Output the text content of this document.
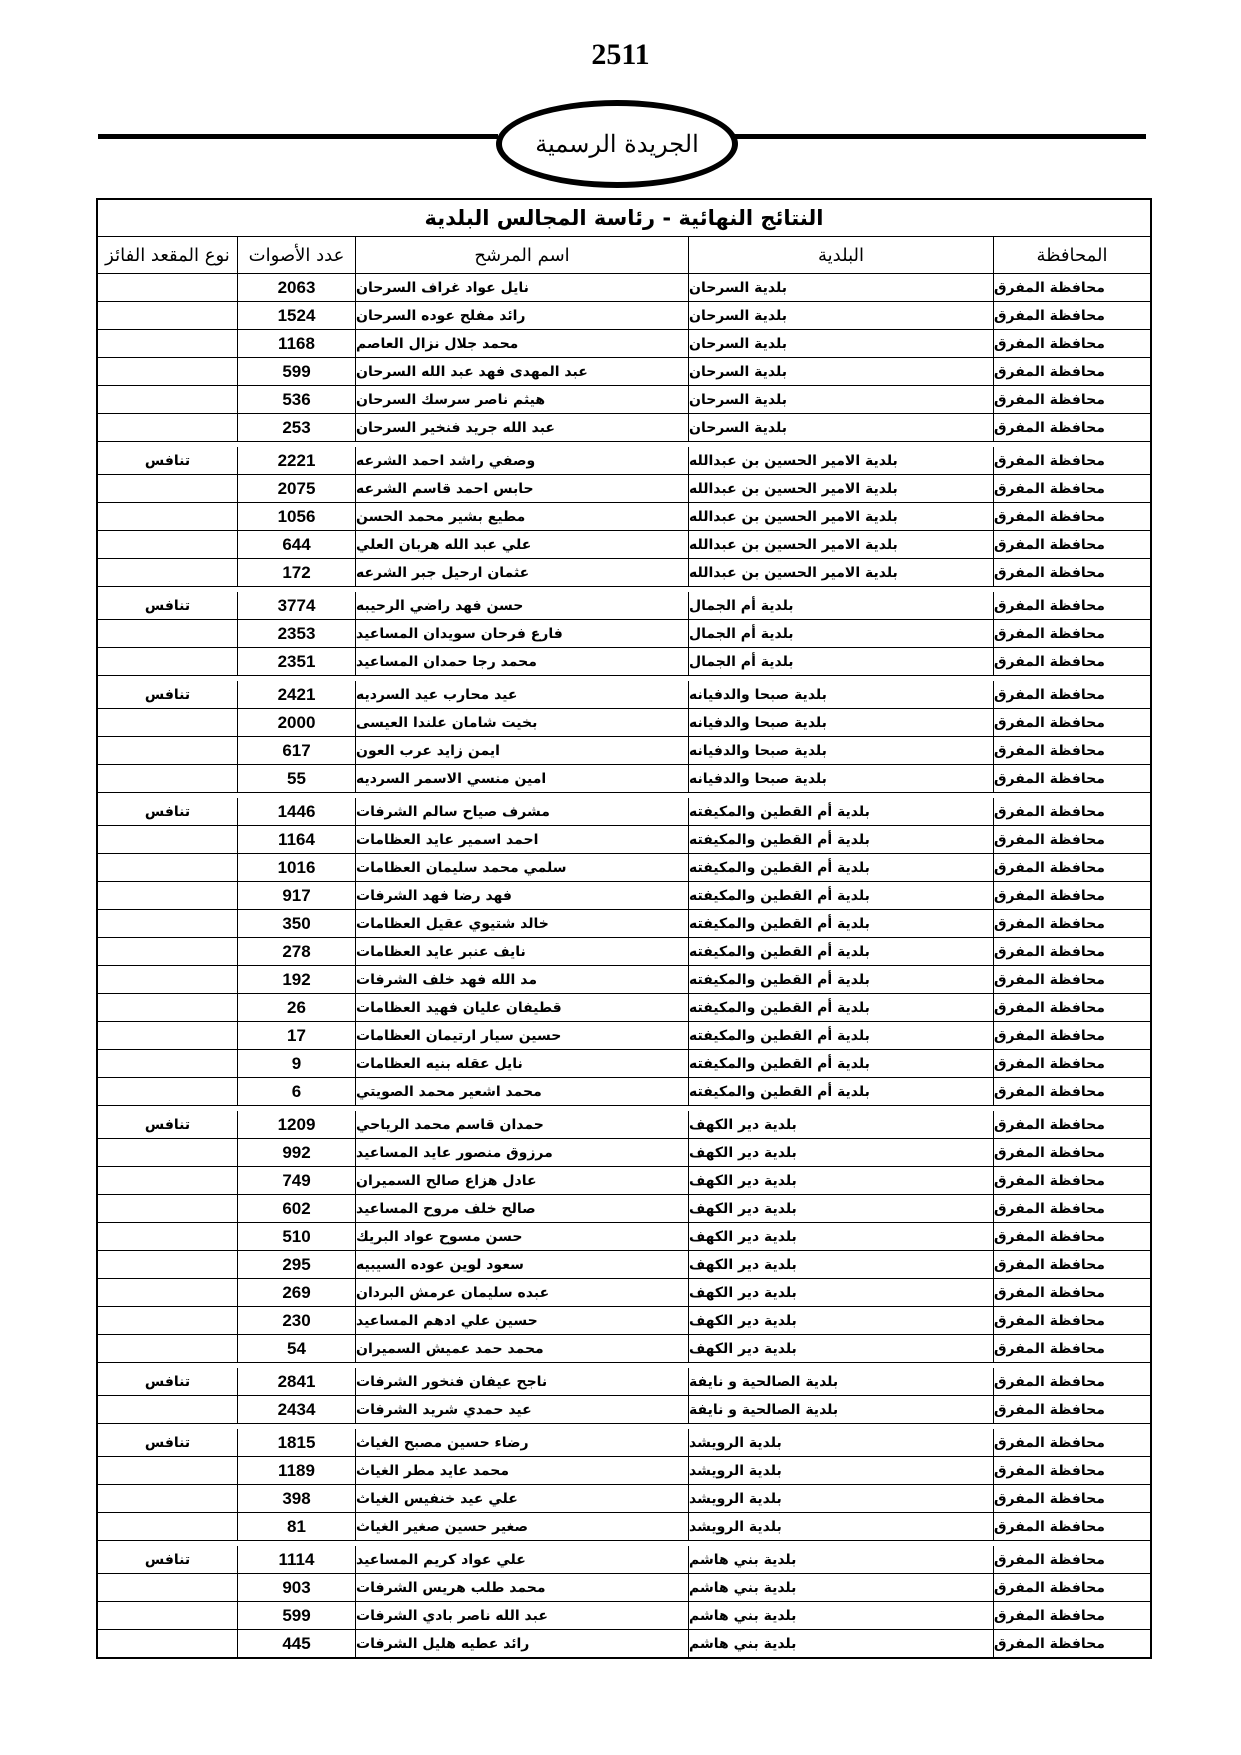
2511
الجريدة الرسمية
النتائج النهائية - رئاسة المجالس البلدية
المحافظة
البلدية
اسم المرشح
عدد الأصوات
نوع المقعد الفائز
محافظة المفرق
بلدية السرحان
نايل عواد غراف السرحان
2063
محافظة المفرق
بلدية السرحان
رائد مفلح عوده السرحان
1524
محافظة المفرق
بلدية السرحان
محمد جلال نزال العاصم
1168
محافظة المفرق
بلدية السرحان
عبد المهدى فهد عبد الله السرحان
599
محافظة المفرق
بلدية السرحان
هيثم ناصر سرسك السرحان
536
محافظة المفرق
بلدية السرحان
عبد الله جريد فنخير السرحان
253
محافظة المفرق
بلدية الامير الحسين بن عبدالله
وصفي راشد احمد الشرعه
2221
تنافس
محافظة المفرق
بلدية الامير الحسين بن عبدالله
حابس احمد قاسم الشرعه
2075
محافظة المفرق
بلدية الامير الحسين بن عبدالله
مطيع بشير محمد الحسن
1056
محافظة المفرق
بلدية الامير الحسين بن عبدالله
علي عبد الله هربان العلي
644
محافظة المفرق
بلدية الامير الحسين بن عبدالله
عثمان ارحيل جبر الشرعه
172
محافظة المفرق
بلدية أم الجمال
حسن فهد راضي الرحيبه
3774
تنافس
محافظة المفرق
بلدية أم الجمال
فارع فرحان سويدان المساعيد
2353
محافظة المفرق
بلدية أم الجمال
محمد رجا حمدان المساعيد
2351
محافظة المفرق
بلدية صبحا والدفيانه
عيد محارب عيد السرديه
2421
تنافس
محافظة المفرق
بلدية صبحا والدفيانه
بخيت شامان علندا العيسى
2000
محافظة المفرق
بلدية صبحا والدفيانه
ايمن زايد عرب العون
617
محافظة المفرق
بلدية صبحا والدفيانه
امين منسي الاسمر السرديه
55
محافظة المفرق
بلدية أم القطين والمكيفته
مشرف صياح سالم الشرفات
1446
تنافس
محافظة المفرق
بلدية أم القطين والمكيفته
احمد اسمير عايد العظامات
1164
محافظة المفرق
بلدية أم القطين والمكيفته
سلمي محمد سليمان العظامات
1016
محافظة المفرق
بلدية أم القطين والمكيفته
فهد رضا فهد الشرفات
917
محافظة المفرق
بلدية أم القطين والمكيفته
خالد شتيوي عقيل العظامات
350
محافظة المفرق
بلدية أم القطين والمكيفته
نايف عنبر عايد العظامات
278
محافظة المفرق
بلدية أم القطين والمكيفته
مد الله فهد خلف الشرفات
192
محافظة المفرق
بلدية أم القطين والمكيفته
قطيفان عليان فهيد العظامات
26
محافظة المفرق
بلدية أم القطين والمكيفته
حسين سيار ارتيمان العظامات
17
محافظة المفرق
بلدية أم القطين والمكيفته
نايل عقله بنيه العظامات
9
محافظة المفرق
بلدية أم القطين والمكيفته
محمد اشعير محمد الصويتي
6
محافظة المفرق
بلدية دير الكهف
حمدان قاسم محمد الرياحي
1209
تنافس
محافظة المفرق
بلدية دير الكهف
مرزوق منصور عايد المساعيد
992
محافظة المفرق
بلدية دير الكهف
عادل هزاع صالح السميران
749
محافظة المفرق
بلدية دير الكهف
صالح خلف مروح المساعيد
602
محافظة المفرق
بلدية دير الكهف
حسن مسوح عواد البريك
510
محافظة المفرق
بلدية دير الكهف
سعود لوين عوده السيبيه
295
محافظة المفرق
بلدية دير الكهف
عبده سليمان عرمش البردان
269
محافظة المفرق
بلدية دير الكهف
حسين علي ادهم المساعيد
230
محافظة المفرق
بلدية دير الكهف
محمد حمد عميش السميران
54
محافظة المفرق
بلدية الصالحية و نايفة
ناجح عيفان فنخور الشرفات
2841
تنافس
محافظة المفرق
بلدية الصالحية و نايفة
عيد حمدي شريد الشرفات
2434
محافظة المفرق
بلدية الرويشد
رضاء حسين مصبح الغياث
1815
تنافس
محافظة المفرق
بلدية الرويشد
محمد عايد مطر الغياث
1189
محافظة المفرق
بلدية الرويشد
علي عيد خنفيس الغياث
398
محافظة المفرق
بلدية الرويشد
صغير حسين صغير الغياث
81
محافظة المفرق
بلدية بني هاشم
علي عواد كريم المساعيد
1114
تنافس
محافظة المفرق
بلدية بني هاشم
محمد طلب هريس الشرفات
903
محافظة المفرق
بلدية بني هاشم
عبد الله ناصر بادي الشرفات
599
محافظة المفرق
بلدية بني هاشم
رائد عطيه هليل الشرفات
445
